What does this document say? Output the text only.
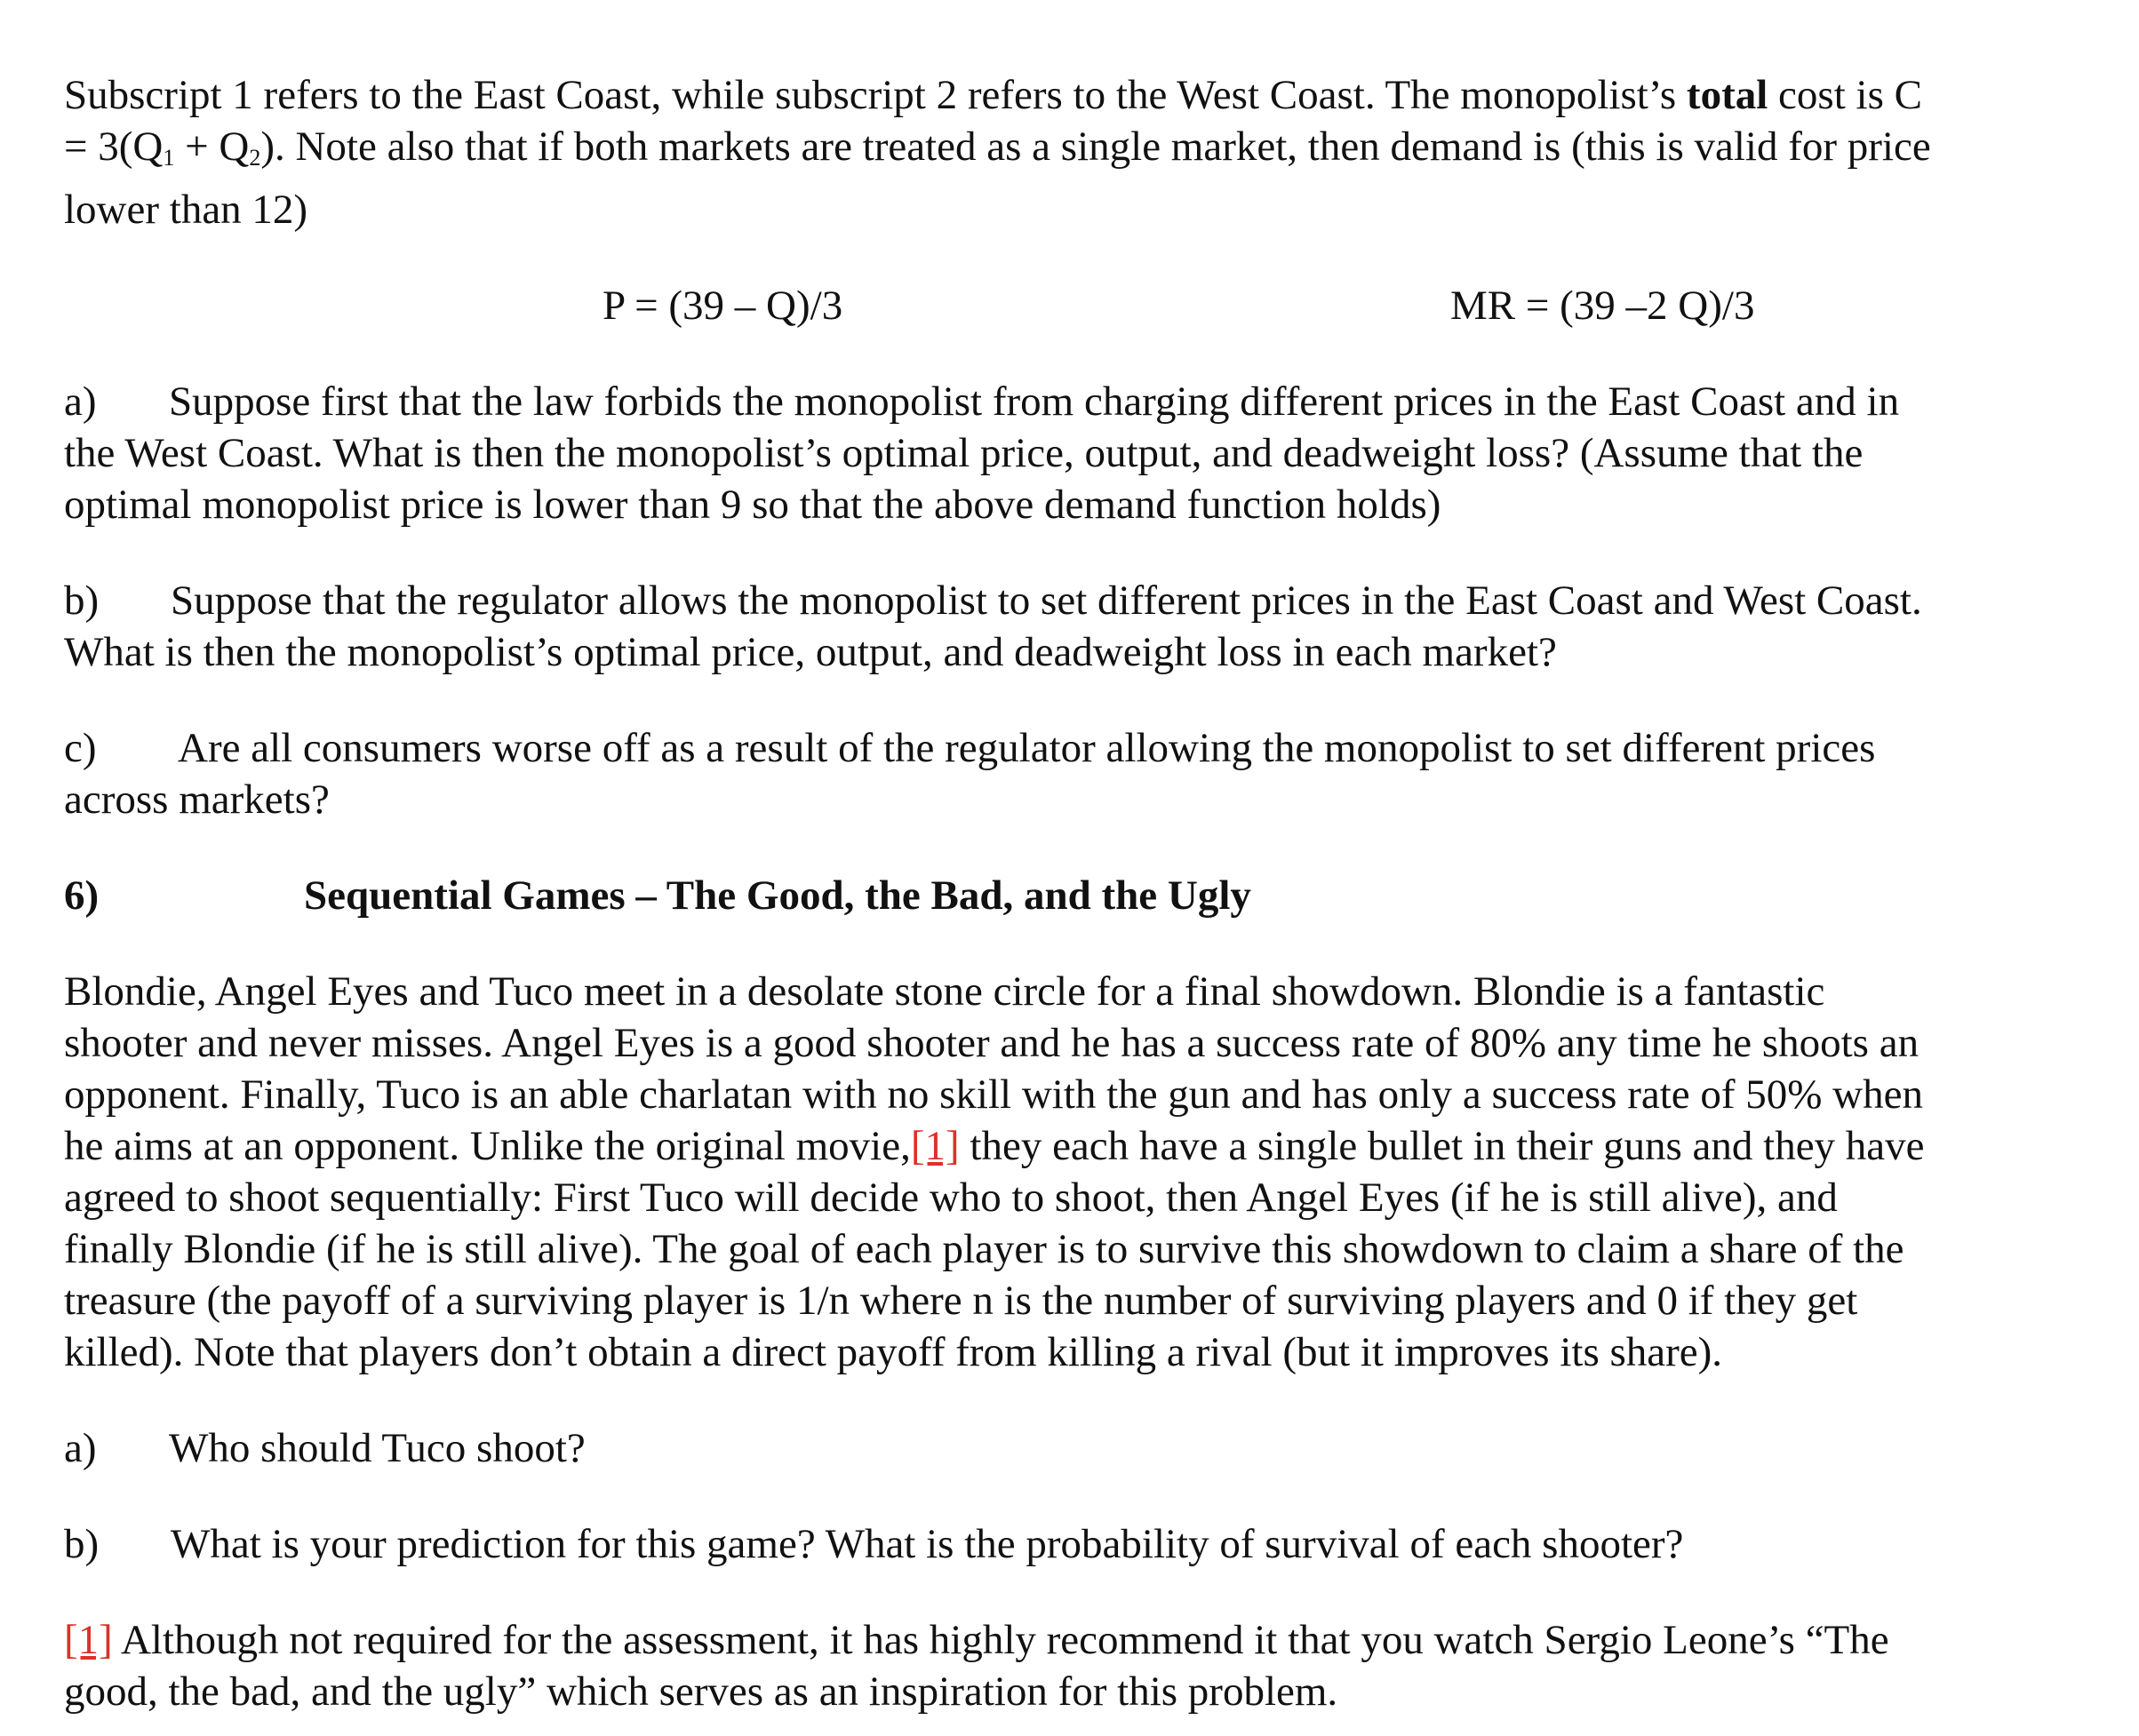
Subscript 1 refers to the East Coast, while subscript 2 refers to the West Coast. The monopolist’s total cost is C
= $3(Q_1 + Q_2)$. Note also that if both markets are treated as a single market, then demand is (this is valid for price
lower than 12)

P = (39 – Q)/3	MR = (39 –2 Q)/3

a) Suppose first that the law forbids the monopolist from charging different prices in the East Coast and in
the West Coast. What is then the monopolist’s optimal price, output, and deadweight loss? (Assume that the
optimal monopolist price is lower than 9 so that the above demand function holds)

b) Suppose that the regulator allows the monopolist to set different prices in the East Coast and West Coast.
What is then the monopolist’s optimal price, output, and deadweight loss in each market?

c) Are all consumers worse off as a result of the regulator allowing the monopolist to set different prices
across markets?

6)	Sequential Games – The Good, the Bad, and the Ugly

Blondie, Angel Eyes and Tuco meet in a desolate stone circle for a final showdown. Blondie is a fantastic
shooter and never misses. Angel Eyes is a good shooter and he has a success rate of 80% any time he shoots an
opponent. Finally, Tuco is an able charlatan with no skill with the gun and has only a success rate of 50% when
he aims at an opponent. Unlike the original movie,[1] they each have a single bullet in their guns and they have
agreed to shoot sequentially: First Tuco will decide who to shoot, then Angel Eyes (if he is still alive), and
finally Blondie (if he is still alive). The goal of each player is to survive this showdown to claim a share of the
treasure (the payoff of a surviving player is 1/n where n is the number of surviving players and 0 if they get
killed). Note that players don’t obtain a direct payoff from killing a rival (but it improves its share).

a) Who should Tuco shoot?

b) What is your prediction for this game? What is the probability of survival of each shooter?

[1] Although not required for the assessment, it has highly recommend it that you watch Sergio Leone’s “The
good, the bad, and the ugly” which serves as an inspiration for this problem.
